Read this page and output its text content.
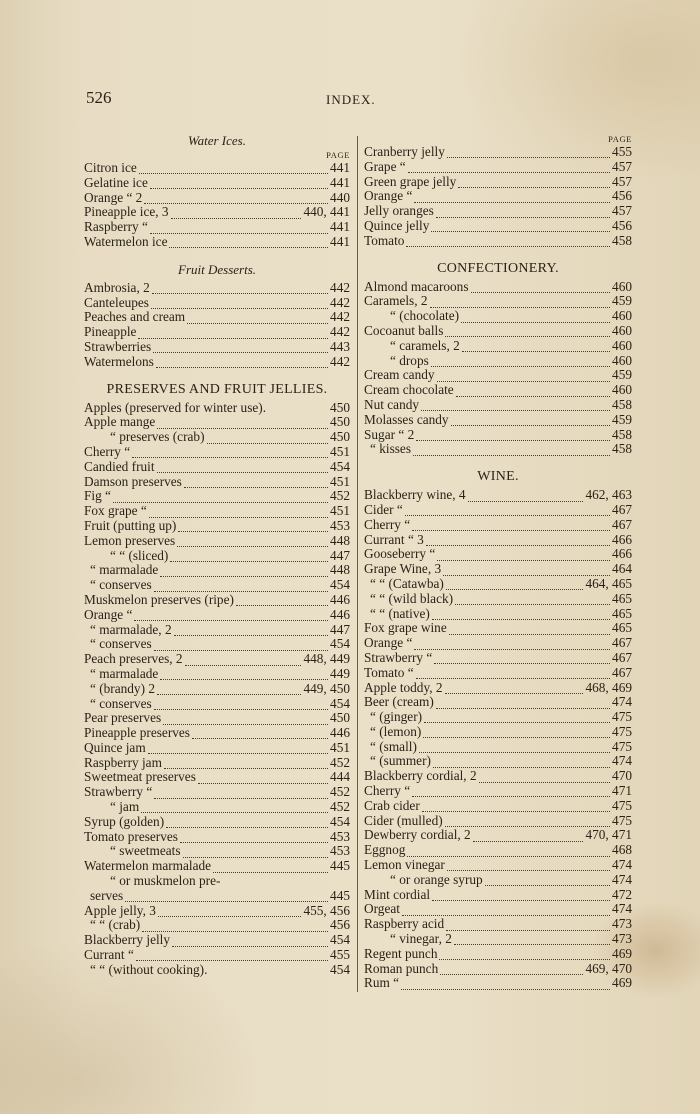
526	INDEX.
Water Ices.
PAGE
Citron ice	441
Gelatine ice	441
Orange “ 2	440
Pineapple ice, 3	440, 441
Raspberry “	441
Watermelon ice	441
Fruit Desserts.
Ambrosia, 2	442
Canteleupes	442
Peaches and cream	442
Pineapple	442
Strawberries	443
Watermelons	442
PRESERVES AND FRUIT JELLIES.
Apples (preserved for winter use).	450
Apple mange	450
“ preserves (crab)	450
Cherry “	451
Candied fruit	454
Damson preserves	451
Fig “	452
Fox grape “	451
Fruit (putting up)	453
Lemon preserves	448
“ “ (sliced)	447
“ marmalade	448
“ conserves	454
Muskmelon preserves (ripe)	446
Orange “	446
“ marmalade, 2	447
“ conserves	454
Peach preserves, 2	448, 449
“ marmalade	449
“ (brandy) 2	449, 450
“ conserves	454
Pear preserves	450
Pineapple preserves	446
Quince jam	451
Raspberry jam	452
Sweetmeat preserves	444
Strawberry “	452
“ jam	452
Syrup (golden)	454
Tomato preserves	453
“ sweetmeats	453
Watermelon marmalade	445
“ or muskmelon pre-
serves	445
Apple jelly, 3	455, 456
“ “ (crab)	456
Blackberry jelly	454
Currant “	455
“ “ (without cooking).	454
PAGE
Cranberry jelly	455
Grape “	457
Green grape jelly	457
Orange “	456
Jelly oranges	457
Quince jelly	456
Tomato	458
CONFECTIONERY.
Almond macaroons	460
Caramels, 2	459
“ (chocolate)	460
Cocoanut balls	460
“ caramels, 2	460
“ drops	460
Cream candy	459
Cream chocolate	460
Nut candy	458
Molasses candy	459
Sugar “ 2	458
“ kisses	458
WINE.
Blackberry wine, 4	462, 463
Cider “	467
Cherry “	467
Currant “ 3	466
Gooseberry “	466
Grape Wine, 3	464
“ “ (Catawba)	464, 465
“ “ (wild black)	465
“ “ (native)	465
Fox grape wine	465
Orange “	467
Strawberry “	467
Tomato “	467
Apple toddy, 2	468, 469
Beer (cream)	474
“ (ginger)	475
“ (lemon)	475
“ (small)	475
“ (summer)	474
Blackberry cordial, 2	470
Cherry “	471
Crab cider	475
Cider (mulled)	475
Dewberry cordial, 2	470, 471
Eggnog	468
Lemon vinegar	474
“ or orange syrup	474
Mint cordial	472
Orgeat	474
Raspberry acid	473
“ vinegar, 2	473
Regent punch	469
Roman punch	469, 470
Rum “	469
